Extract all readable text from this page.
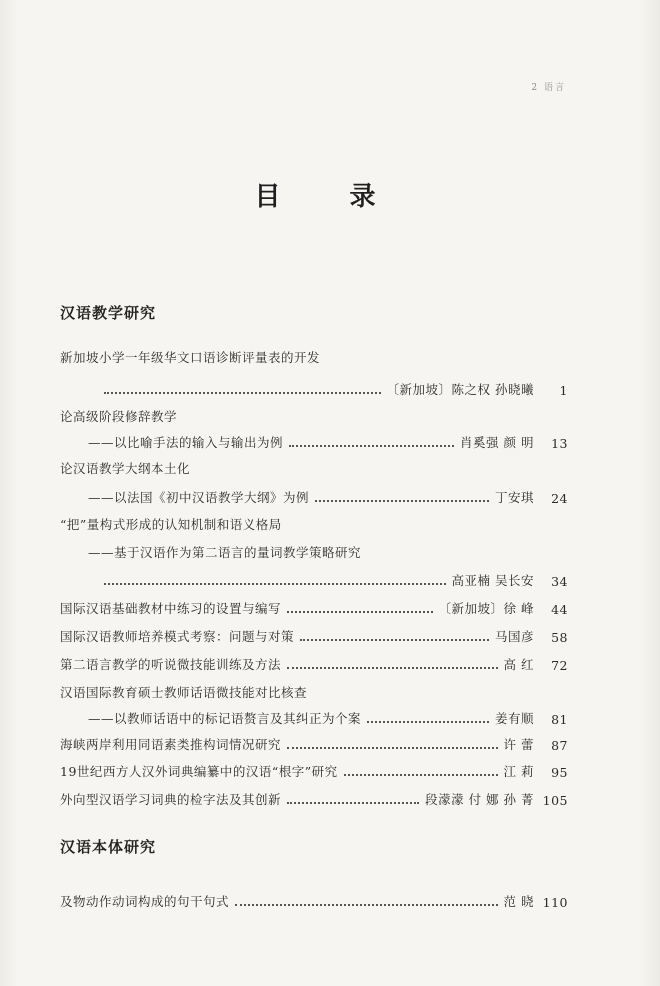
2 语言
目 录
汉语教学研究
新加坡小学一年级华文口语诊断评量表的开发
〔新加坡〕陈之权 孙晓曦	1
论高级阶段修辞教学
——以比喻手法的输入与输出为例	肖奚强 颜 明	13
论汉语教学大纲本土化
——以法国《初中汉语教学大纲》为例	丁安琪	24
“把”量构式形成的认知机制和语义格局
——基于汉语作为第二语言的量词教学策略研究
高亚楠 吴长安	34
国际汉语基础教材中练习的设置与编写	〔新加坡〕徐 峰	44
国际汉语教师培养模式考察：问题与对策	马国彦	58
第二语言教学的听说微技能训练及方法	高 红	72
汉语国际教育硕士教师话语微技能对比核查
——以教师话语中的标记语赘言及其纠正为个案	姜有顺	81
海峡两岸利用同语素类推构词情况研究	许 蕾	87
19世纪西方人汉外词典编纂中的汉语“根字”研究	江 莉	95
外向型汉语学习词典的检字法及其创新	段濛濛 付 娜 孙 菁 105
汉语本体研究
及物动作动词构成的句干句式	范 晓 110
